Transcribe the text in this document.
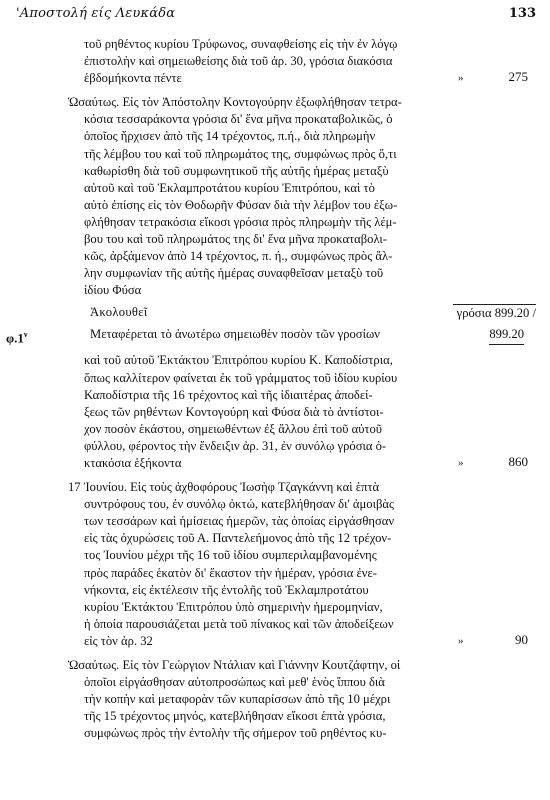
'Αποστολή είς Λευκάδα	133
τοῦ ρηθέντος κυρίου Τρύφωνος, συναφθείσης εἰς τὴν ἐν λόγῳ
ἐπιστολὴν καὶ σημειωθείσης διὰ τοῦ ἀρ. 30, γρόσια διακόσια
ἑβδομήκοντα πέντε	»	275
Ὡσαύτως. Εἰς τὸν Ἀπόστολην Κοντογούρην ἐξωφλήθησαν τετρα-
κόσια τεσσαράκοντα γρόσια δι' ἕνα μῆνα προκαταβολικῶς, ὁ
ὁποῖος ἤρχισεν ἀπὸ τῆς 14 τρέχοντος, π.ή., διὰ πληρωμὴν
τῆς λέμβου του καὶ τοῦ πληρωμάτος της, συμφώνως πρὸς ὅ,τι
καθωρίσθη διὰ τοῦ συμφωνητικοῦ τῆς αὐτῆς ἡμέρας μεταξὺ
αὐτοῦ καὶ τοῦ Ἐκλαμπροτάτου κυρίου Ἐπιτρόπου, καὶ τὸ
αὐτὸ ἐπίσης εἰς τὸν Θοδωρῆν Φύσαν διὰ τὴν λέμβον του ἐξω-
φλήθησαν τετρακόσια εἴκοσι γρόσια πρὸς πληρωμὴν τῆς λέμ-
βου του καὶ τοῦ πληρωμάτος της δι' ἕνα μῆνα προκαταβολι-
κῶς, ἀρξάμενον ἀπὸ 14 τρέχοντος, π. ή., συμφώνως πρὸς ἄλ-
λην συμφωνίαν τῆς αὐτῆς ἡμέρας συναφθεῖσαν μεταξὺ τοῦ
ἰδίου Φύσα
Ἀκολουθεῖ	γρόσια 899.20 /
$\varphi.1^\nu$	Μεταφέρεται τὸ ἀνωτέρω σημειωθὲν ποσὸν τῶν γροσίων	899.20
καὶ τοῦ αὐτοῦ Ἐκτάκτου Ἐπιτρόπου κυρίου Κ. Καποδίστρια,
ὅπως καλλίτερον φαίνεται ἐκ τοῦ γράμματος τοῦ ἰδίου κυρίου
Καποδίστρια τῆς 16 τρέχοντος καὶ τῆς ἰδιαιτέρας ἀποδεί-
ξεως τῶν ρηθέντων Κοντογούρη καὶ Φύσα διὰ τὸ ἀντίστοι-
χον ποσὸν ἑκάστου, σημειωθέντων ἐξ ἄλλου ἐπὶ τοῦ αὐτοῦ
φύλλου, φέροντος τὴν ἔνδειξιν ἀρ. 31, ἐν συνόλῳ γρόσια ὀ-
κτακόσια ἑξήκοντα	»	860
17 Ἰουνίου. Εἰς τοὺς ἀχθοφόρους Ἰωσὴφ Τζαγκάννη καὶ ἑπτὰ
συντρόφους του, ἐν συνόλῳ ὀκτώ, κατεβλήθησαν δι' ἀμοιβὰς
των τεσσάρων καὶ ἡμίσειας ἡμερῶν, τὰς ὁποίας εἰργάσθησαν
εἰς τὰς ὀχυρώσεις τοῦ Α. Παντελεήμονος ἀπὸ τῆς 12 τρέχον-
τος Ἰουνίου μέχρι τῆς 16 τοῦ ἰδίου συμπεριλαμβανομένης
πρὸς παράδες ἑκατὸν δι' ἕκαστον τὴν ἡμέραν, γρόσια ἐνε-
νήκοντα, εἰς ἐκτέλεσιν τῆς ἐντολῆς τοῦ Ἐκλαμπροτάτου
κυρίου Ἐκτάκτου Ἐπιτρόπου ὑπὸ σημερινὴν ἡμερομηνίαν,
ἡ ὁποία παρουσιάζεται μετὰ τοῦ πίνακος καὶ τῶν ἀποδείξεων
εἰς τὸν ἀρ. 32	»	90
Ὡσαύτως. Εἰς τὸν Γεώργιον Ντάλιαν καὶ Γιάννην Κουτζάφτην, οἱ
ὁποῖοι εἰργάσθησαν αὐτοπροσώπως καὶ μεθ' ἑνὸς ἵππου διὰ
τὴν κοπὴν καὶ μεταφορὰν τῶν κυπαρίσσων ἀπὸ τῆς 10 μέχρι
τῆς 15 τρέχοντος μηνός, κατεβλήθησαν εἴκοσι ἑπτὰ γρόσια,
συμφώνως πρὸς τὴν ἐντολὴν τῆς σήμερον τοῦ ρηθέντος κυ-
